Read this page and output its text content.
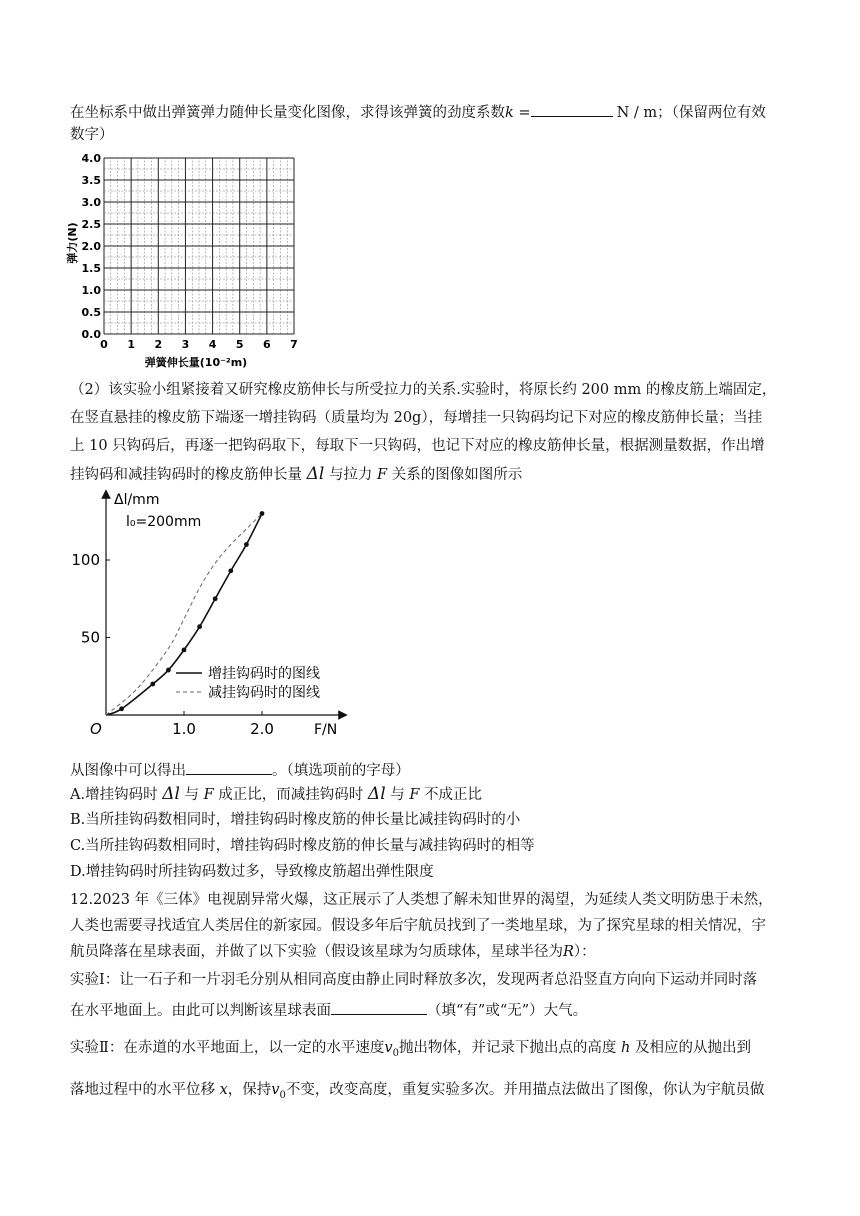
在坐标系中做出弹簧弹力随伸长量变化图像，求得该弹簧的劲度系数k =	N / m；（保留两位有效
数字）
0.0
0.5
1.0
1.5
2.0
2.5
3.0
3.5
4.0
0 1 2 3 4 5 6 7
弹力(N)
弹簧伸长量(10⁻²m)
（2）该实验小组紧接着又研究橡皮筋伸长与所受拉力的关系.实验时，将原长约 200 mm 的橡皮筋上端固定，
在竖直悬挂的橡皮筋下端逐一增挂钩码（质量均为 20g），每增挂一只钩码均记下对应的橡皮筋伸长量；当挂
上 10 只钩码后，再逐一把钩码取下，每取下一只钩码，也记下对应的橡皮筋伸长量，根据测量数据，作出增
挂钩码和减挂钩码时的橡皮筋伸长量 Δl 与拉力 F 关系的图像如图所示
Δl/mm
l₀=200mm
O	F/N
1.0	2.0
50
100
增挂钩码时的图线
减挂钩码时的图线
从图像中可以得出	。（填选项前的字母）
A.增挂钩码时 Δl 与 F 成正比，而减挂钩码时 Δl 与 F 不成正比
B.当所挂钩码数相同时，增挂钩码时橡皮筋的伸长量比减挂钩码时的小
C.当所挂钩码数相同时，增挂钩码时橡皮筋的伸长量与减挂钩码时的相等
D.增挂钩码时所挂钩码数过多，导致橡皮筋超出弹性限度
12.2023 年《三体》电视剧异常火爆，这正展示了人类想了解未知世界的渴望，为延续人类文明防患于未然，
人类也需要寻找适宜人类居住的新家园。假设多年后宇航员找到了一类地星球，为了探究星球的相关情况，宇
航员降落在星球表面，并做了以下实验（假设该星球为匀质球体，星球半径为R）：
实验Ⅰ：让一石子和一片羽毛分别从相同高度由静止同时释放多次，发现两者总沿竖直方向向下运动并同时落
在水平地面上。由此可以判断该星球表面	（填“有”或“无”）大气。
实验Ⅱ：在赤道的水平地面上，以一定的水平速度$v_0$抛出物体，并记录下抛出点的高度 h 及相应的从抛出到
落地过程中的水平位移 x，保持$v_0$不变，改变高度，重复实验多次。并用描点法做出了图像，你认为宇航员做
